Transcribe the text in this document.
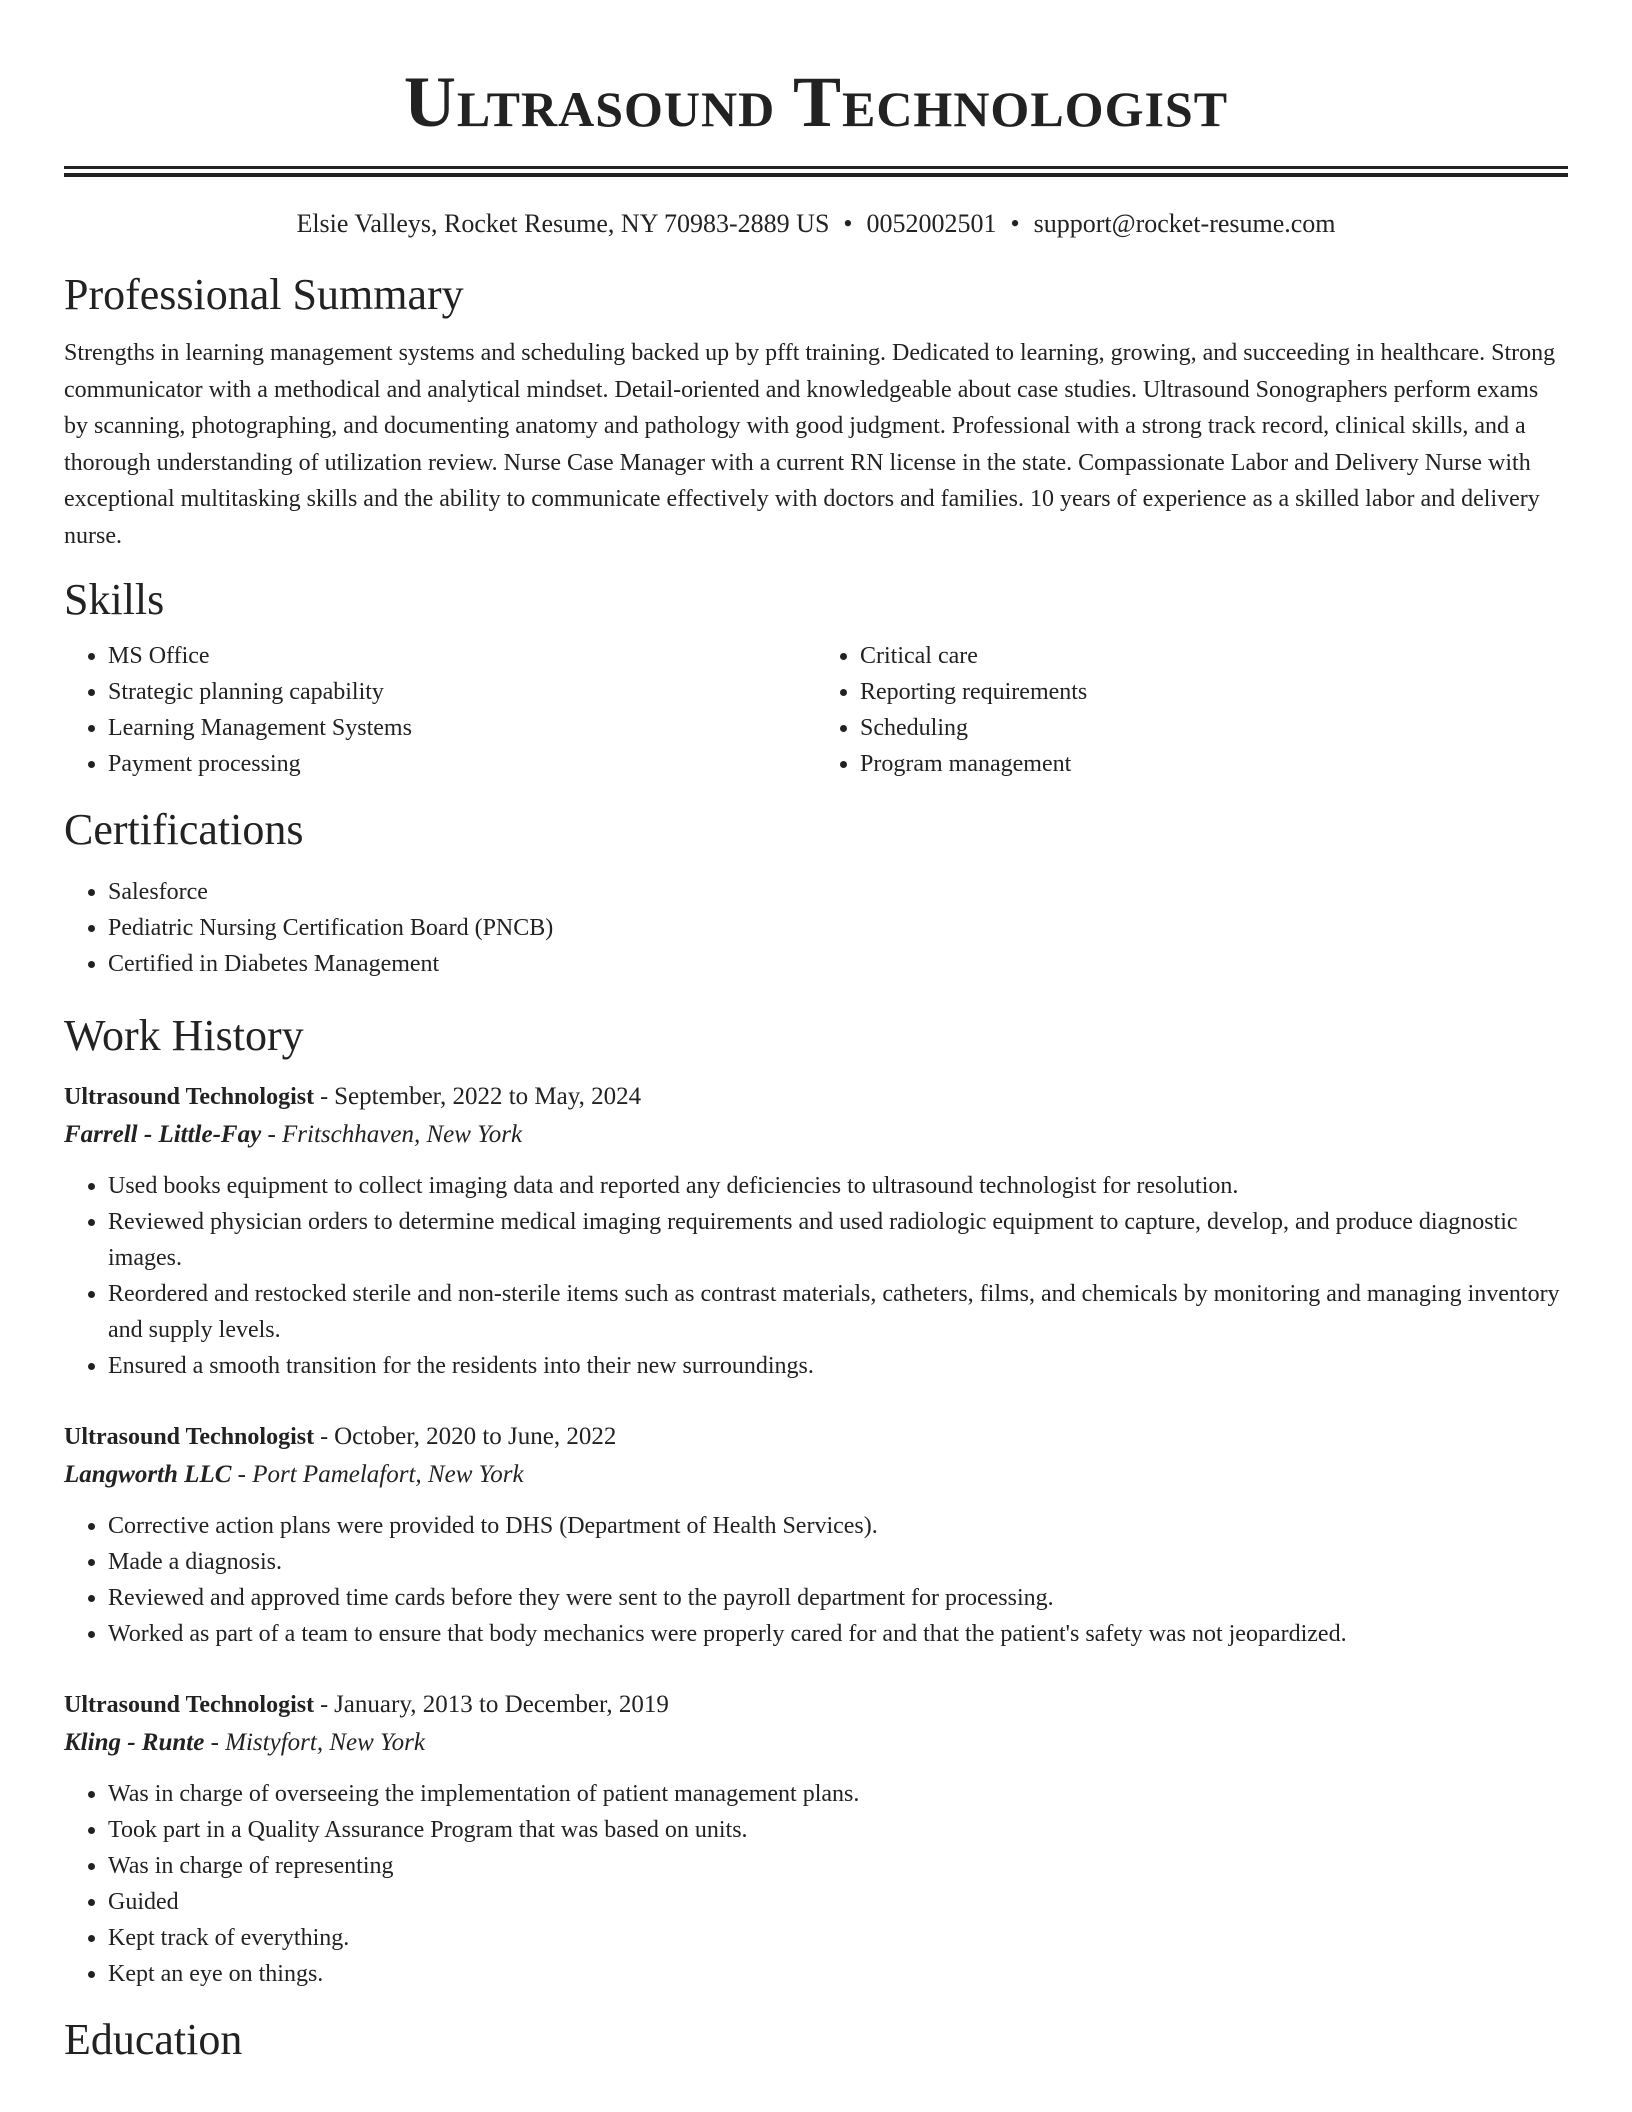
Ultrasound Technologist
Elsie Valleys, Rocket Resume, NY 70983-2889 US • 0052002501 • support@rocket-resume.com
Professional Summary

Strengths in learning management systems and scheduling backed up by pfft training. Dedicated to learning, growing, and succeeding in healthcare. Strong communicator with a methodical and analytical mindset. Detail-oriented and knowledgeable about case studies. Ultrasound Sonographers perform exams by scanning, photographing, and documenting anatomy and pathology with good judgment. Professional with a strong track record, clinical skills, and a thorough understanding of utilization review. Nurse Case Manager with a current RN license in the state. Compassionate Labor and Delivery Nurse with exceptional multitasking skills and the ability to communicate effectively with doctors and families. 10 years of experience as a skilled labor and delivery nurse.

Skills
• MS Office
• Strategic planning capability
• Learning Management Systems
• Payment processing
• Critical care
• Reporting requirements
• Scheduling
• Program management
Certifications
• Salesforce
• Pediatric Nursing Certification Board (PNCB)
• Certified in Diabetes Management
Work History
Ultrasound Technologist - September, 2022 to May, 2024
Farrell - Little-Fay - Fritschhaven, New York
• Used books equipment to collect imaging data and reported any deficiencies to ultrasound technologist for resolution.
• Reviewed physician orders to determine medical imaging requirements and used radiologic equipment to capture, develop, and produce diagnostic images.
• Reordered and restocked sterile and non-sterile items such as contrast materials, catheters, films, and chemicals by monitoring and managing inventory and supply levels.
• Ensured a smooth transition for the residents into their new surroundings.
Ultrasound Technologist - October, 2020 to June, 2022
Langworth LLC - Port Pamelafort, New York
• Corrective action plans were provided to DHS (Department of Health Services).
• Made a diagnosis.
• Reviewed and approved time cards before they were sent to the payroll department for processing.
• Worked as part of a team to ensure that body mechanics were properly cared for and that the patient's safety was not jeopardized.
Ultrasound Technologist - January, 2013 to December, 2019
Kling - Runte - Mistyfort, New York
• Was in charge of overseeing the implementation of patient management plans.
• Took part in a Quality Assurance Program that was based on units.
• Was in charge of representing
• Guided
• Kept track of everything.
• Kept an eye on things.
Education
